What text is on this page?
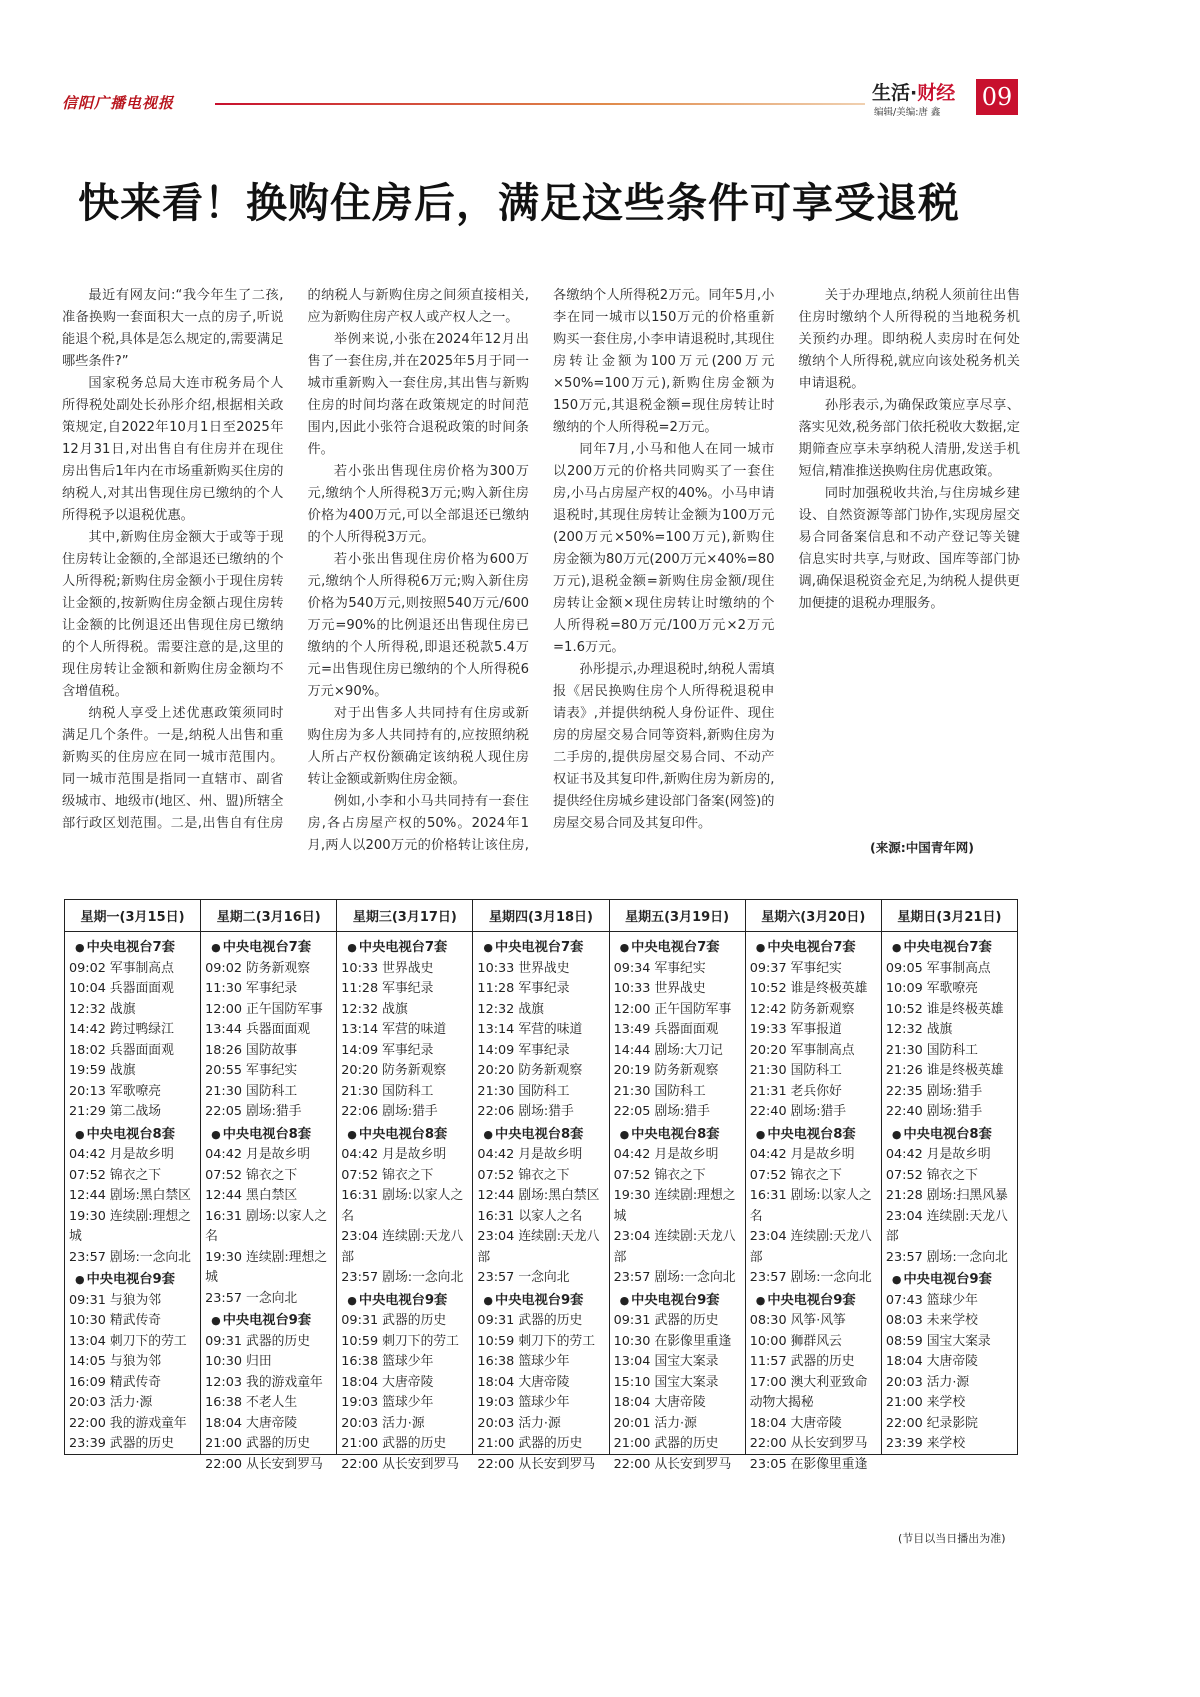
信阳广播电视报	生活·财经
编辑/美编:唐 鑫
09
快来看！换购住房后，满足这些条件可享受退税

最近有网友问:“我今年生了二孩,准备换购一套面积大一点的房子,听说能退个税,具体是怎么规定的,需要满足哪些条件?”

国家税务总局大连市税务局个人所得税处副处长孙彤介绍,根据相关政策规定,自2022年10月1日至2025年12月31日,对出售自有住房并在现住房出售后1年内在市场重新购买住房的纳税人,对其出售现住房已缴纳的个人所得税予以退税优惠。

其中,新购住房金额大于或等于现住房转让金额的,全部退还已缴纳的个人所得税;新购住房金额小于现住房转让金额的,按新购住房金额占现住房转让金额的比例退还出售现住房已缴纳的个人所得税。需要注意的是,这里的现住房转让金额和新购住房金额均不含增值税。

纳税人享受上述优惠政策须同时满足几个条件。一是,纳税人出售和重新购买的住房应在同一城市范围内。同一城市范围是指同一直辖市、副省级城市、地级市(地区、州、盟)所辖全部行政区划范围。二是,出售自有住房的纳税人与新购住房之间须直接相关,应为新购住房产权人或产权人之一。

举例来说,小张在2024年12月出售了一套住房,并在2025年5月于同一城市重新购入一套住房,其出售与新购住房的时间均落在政策规定的时间范围内,因此小张符合退税政策的时间条件。

若小张出售现住房价格为300万元,缴纳个人所得税3万元;购入新住房价格为400万元,可以全部退还已缴纳的个人所得税3万元。

若小张出售现住房价格为600万元,缴纳个人所得税6万元;购入新住房价格为540万元,则按照540万元/600万元=90%的比例退还出售现住房已缴纳的个人所得税,即退还税款5.4万元=出售现住房已缴纳的个人所得税6万元×90%。

对于出售多人共同持有住房或新购住房为多人共同持有的,应按照纳税人所占产权份额确定该纳税人现住房转让金额或新购住房金额。

例如,小李和小马共同持有一套住房,各占房屋产权的50%。2024年1月,两人以200万元的价格转让该住房,各缴纳个人所得税2万元。同年5月,小李在同一城市以150万元的价格重新购买一套住房,小李申请退税时,其现住房转让金额为100万元(200万元×50%=100万元),新购住房金额为150万元,其退税金额=现住房转让时缴纳的个人所得税=2万元。

同年7月,小马和他人在同一城市以200万元的价格共同购买了一套住房,小马占房屋产权的40%。小马申请退税时,其现住房转让金额为100万元(200万元×50%=100万元),新购住房金额为80万元(200万元×40%=80万元),退税金额=新购住房金额/现住房转让金额×现住房转让时缴纳的个人所得税=80万元/100万元×2万元=1.6万元。

孙彤提示,办理退税时,纳税人需填报《居民换购住房个人所得税退税申请表》,并提供纳税人身份证件、现住房的房屋交易合同等资料,新购住房为二手房的,提供房屋交易合同、不动产权证书及其复印件,新购住房为新房的,提供经住房城乡建设部门备案(网签)的房屋交易合同及其复印件。

关于办理地点,纳税人须前往出售住房时缴纳个人所得税的当地税务机关预约办理。即纳税人卖房时在何处缴纳个人所得税,就应向该处税务机关申请退税。

孙彤表示,为确保政策应享尽享、落实见效,税务部门依托税收大数据,定期筛查应享未享纳税人清册,发送手机短信,精准推送换购住房优惠政策。

同时加强税收共治,与住房城乡建设、自然资源等部门协作,实现房屋交易合同备案信息和不动产登记等关键信息实时共享,与财政、国库等部门协调,确保退税资金充足,为纳税人提供更加便捷的退税办理服务。

(来源:中国青年网)
星期一(3月15日)
● 中央电视台7套
09:02 军事制高点
10:04 兵器面面观
12:32 战旗
14:42 跨过鸭绿江
18:02 兵器面面观
19:59 战旗
20:13 军歌嘹亮
21:29 第二战场
● 中央电视台8套
04:42 月是故乡明
07:52 锦衣之下
12:44 剧场:黑白禁区
19:30 连续剧:理想之城
23:57 剧场:一念向北
● 中央电视台9套
09:31 与狼为邻
10:30 精武传奇
13:04 刺刀下的劳工
14:05 与狼为邻
16:09 精武传奇
20:03 活力·源
22:00 我的游戏童年
23:39 武器的历史
星期二(3月16日)
● 中央电视台7套
09:02 防务新观察
11:30 军事纪录
12:00 正午国防军事
13:44 兵器面面观
18:26 国防故事
20:55 军事纪实
21:30 国防科工
22:05 剧场:猎手
● 中央电视台8套
04:42 月是故乡明
07:52 锦衣之下
12:44 黑白禁区
16:31 剧场:以家人之名
19:30 连续剧:理想之城
23:57 一念向北
● 中央电视台9套
09:31 武器的历史
10:30 归田
12:03 我的游戏童年
16:38 不老人生
18:04 大唐帝陵
21:00 武器的历史
22:00 从长安到罗马
星期三(3月17日)
● 中央电视台7套
10:33 世界战史
11:28 军事纪录
12:32 战旗
13:14 军营的味道
14:09 军事纪录
20:20 防务新观察
21:30 国防科工
22:06 剧场:猎手
● 中央电视台8套
04:42 月是故乡明
07:52 锦衣之下
16:31 剧场:以家人之名
23:04 连续剧:天龙八部
23:57 剧场:一念向北
● 中央电视台9套
09:31 武器的历史
10:59 刺刀下的劳工
16:38 篮球少年
18:04 大唐帝陵
19:03 篮球少年
20:03 活力·源
21:00 武器的历史
22:00 从长安到罗马
星期四(3月18日)
● 中央电视台7套
10:33 世界战史
11:28 军事纪录
12:32 战旗
13:14 军营的味道
14:09 军事纪录
20:20 防务新观察
21:30 国防科工
22:06 剧场:猎手
● 中央电视台8套
04:42 月是故乡明
07:52 锦衣之下
12:44 剧场:黑白禁区
16:31 以家人之名
23:04 连续剧:天龙八部
23:57 一念向北
● 中央电视台9套
09:31 武器的历史
10:59 刺刀下的劳工
16:38 篮球少年
18:04 大唐帝陵
19:03 篮球少年
20:03 活力·源
21:00 武器的历史
22:00 从长安到罗马
星期五(3月19日)
● 中央电视台7套
09:34 军事纪实
10:33 世界战史
12:00 正午国防军事
13:49 兵器面面观
14:44 剧场:大刀记
20:19 防务新观察
21:30 国防科工
22:05 剧场:猎手
● 中央电视台8套
04:42 月是故乡明
07:52 锦衣之下
19:30 连续剧:理想之城
23:04 连续剧:天龙八部
23:57 剧场:一念向北
● 中央电视台9套
09:31 武器的历史
10:30 在影像里重逢
13:04 国宝大案录
15:10 国宝大案录
18:04 大唐帝陵
20:01 活力·源
21:00 武器的历史
22:00 从长安到罗马
星期六(3月20日)
● 中央电视台7套
09:37 军事纪实
10:52 谁是终极英雄
12:42 防务新观察
19:33 军事报道
20:20 军事制高点
21:30 国防科工
21:31 老兵你好
22:40 剧场:猎手
● 中央电视台8套
04:42 月是故乡明
07:52 锦衣之下
16:31 剧场:以家人之名
23:04 连续剧:天龙八部
23:57 剧场:一念向北
● 中央电视台9套
08:30 风筝·风筝
10:00 狮群风云
11:57 武器的历史
17:00 澳大利亚致命动物大揭秘
18:04 大唐帝陵
22:00 从长安到罗马
23:05 在影像里重逢
星期日(3月21日)
● 中央电视台7套
09:05 军事制高点
10:09 军歌嘹亮
10:52 谁是终极英雄
12:32 战旗
21:30 国防科工
21:26 谁是终极英雄
22:35 剧场:猎手
22:40 剧场:猎手
● 中央电视台8套
04:42 月是故乡明
07:52 锦衣之下
21:28 剧场:扫黑风暴
23:04 连续剧:天龙八部
23:57 剧场:一念向北
● 中央电视台9套
07:43 篮球少年
08:03 未来学校
08:59 国宝大案录
18:04 大唐帝陵
20:03 活力·源
21:00 来学校
22:00 纪录影院
23:39 来学校
(节目以当日播出为准)
